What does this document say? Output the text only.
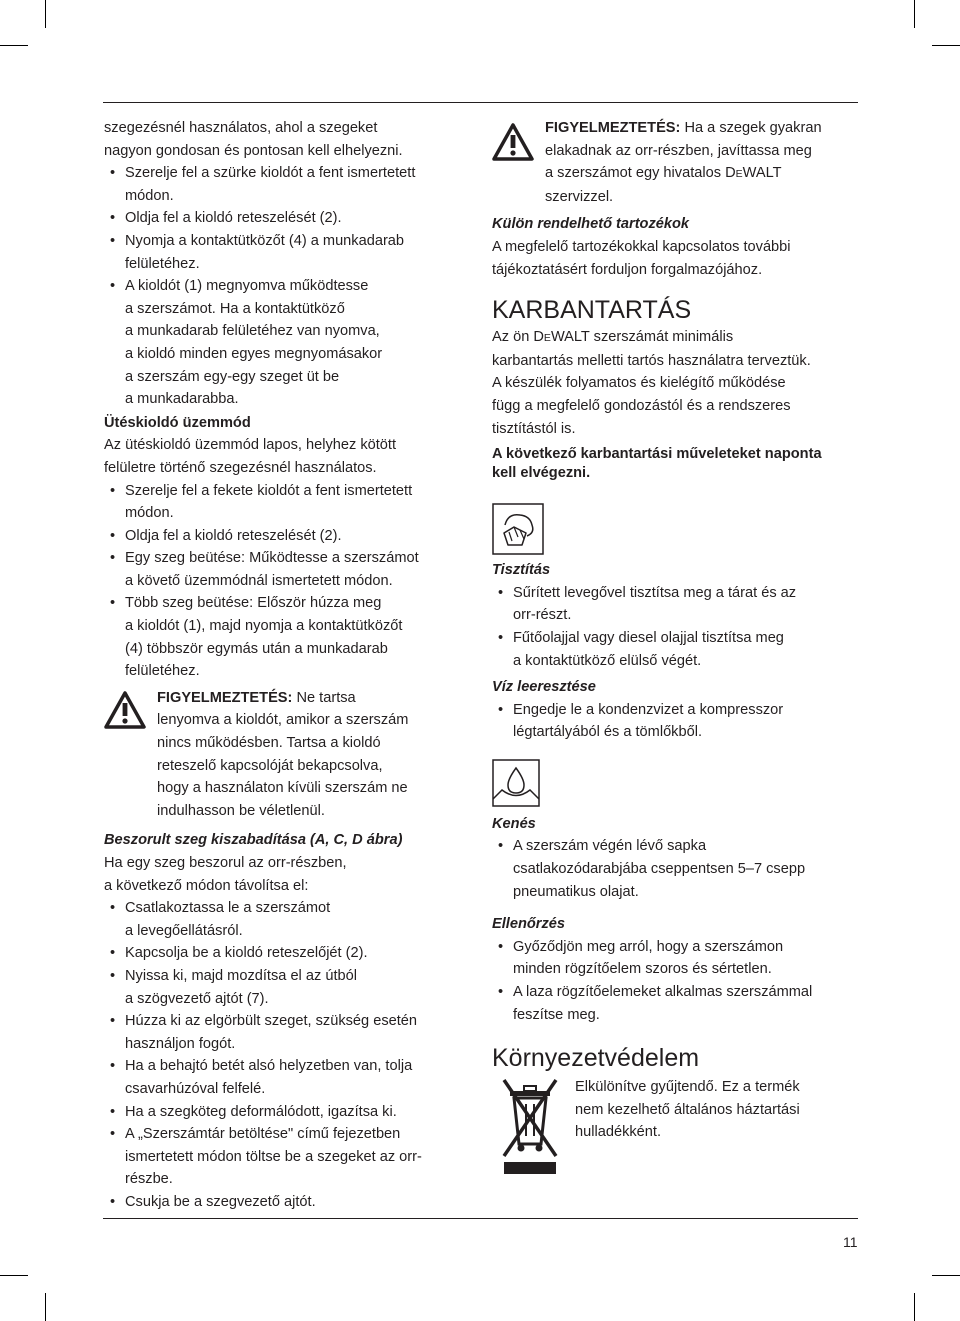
szegezésnél használatos, ahol a szegeket
nagyon gondosan és pontosan kell elhelyezni.

• Szerelje fel a szürke kioldót a fent ismertetett
módon.
• Oldja fel a kioldó reteszelését (2).
• Nyomja a kontaktütközőt (4) a munkadarab
felületéhez.
• A kioldót (1) megnyomva működtesse
a szerszámot. Ha a kontaktütköző
a munkadarab felületéhez van nyomva,
a kioldó minden egyes megnyomásakor
a szerszám egy-egy szeget üt be
a munkadarabba.

Ütéskioldó üzemmód

Az ütéskioldó üzemmód lapos, helyhez kötött
felületre történő szegezésnél használatos.

• Szerelje fel a fekete kioldót a fent ismertetett
módon.
• Oldja fel a kioldó reteszelését (2).
• Egy szeg beütése: Működtesse a szerszámot
a követő üzemmódnál ismertetett módon.
• Több szeg beütése: Először húzza meg
a kioldót (1), majd nyomja a kontaktütközőt
(4) többször egymás után a munkadarab
felületéhez.

FIGYELMEZTETÉS: Ne tartsa
lenyomva a kioldót, amikor a szerszám
nincs működésben. Tartsa a kioldó
reteszelő kapcsolóját bekapcsolva,
hogy a használaton kívüli szerszám ne
indulhasson be véletlenül.

Beszorult szeg kiszabadítása (A, C, D ábra)

Ha egy szeg beszorul az orr-részben,
a következő módon távolítsa el:

• Csatlakoztassa le a szerszámot
a levegőellátásról.
• Kapcsolja be a kioldó reteszelőjét (2).
• Nyissa ki, majd mozdítsa el az útból
a szögvezető ajtót (7).
• Húzza ki az elgörbült szeget, szükség esetén
használjon fogót.
• Ha a behajtó betét alsó helyzetben van, tolja
csavarhúzóval felfelé.
• Ha a szegköteg deformálódott, igazítsa ki.
• A „Szerszámtár betöltése" című fejezetben
ismertetett módon töltse be a szegeket az orr-
részbe.
• Csukja be a szegvezető ajtót.

FIGYELMEZTETÉS: Ha a szegek gyakran
elakadnak az orr-részben, javíttassa meg
a szerszámot egy hivatalos DEWALT
szervizzel.

Külön rendelhető tartozékok

A megfelelő tartozékokkal kapcsolatos további
tájékoztatásért forduljon forgalmazójához.

KARBANTARTÁS

Az ön DEWALT szerszámát minimális
karbantartás melletti tartós használatra terveztük.
A készülék folyamatos és kielégítő működése
függ a megfelelő gondozástól és a rendszeres
tisztítástól is.

A következő karbantartási műveleteket naponta
kell elvégezni.

Tisztítás

• Sűrített levegővel tisztítsa meg a tárat és az
orr-részt.
• Fűtőolajjal vagy diesel olajjal tisztítsa meg
a kontaktütköző elülső végét.

Víz leeresztése

• Engedje le a kondenzvizet a kompresszor
légtartályából és a tömlőkből.

Kenés

• A szerszám végén lévő sapka
csatlakozódarabjába cseppentsen 5–7 csepp
pneumatikus olajat.

Ellenőrzés

• Győződjön meg arról, hogy a szerszámon
minden rögzítőelem szoros és sértetlen.
• A laza rögzítőelemeket alkalmas szerszámmal
feszítse meg.

Környezetvédelem

Elkülönítve gyűjtendő. Ez a termék
nem kezelhető általános háztartási
hulladékként.

11
